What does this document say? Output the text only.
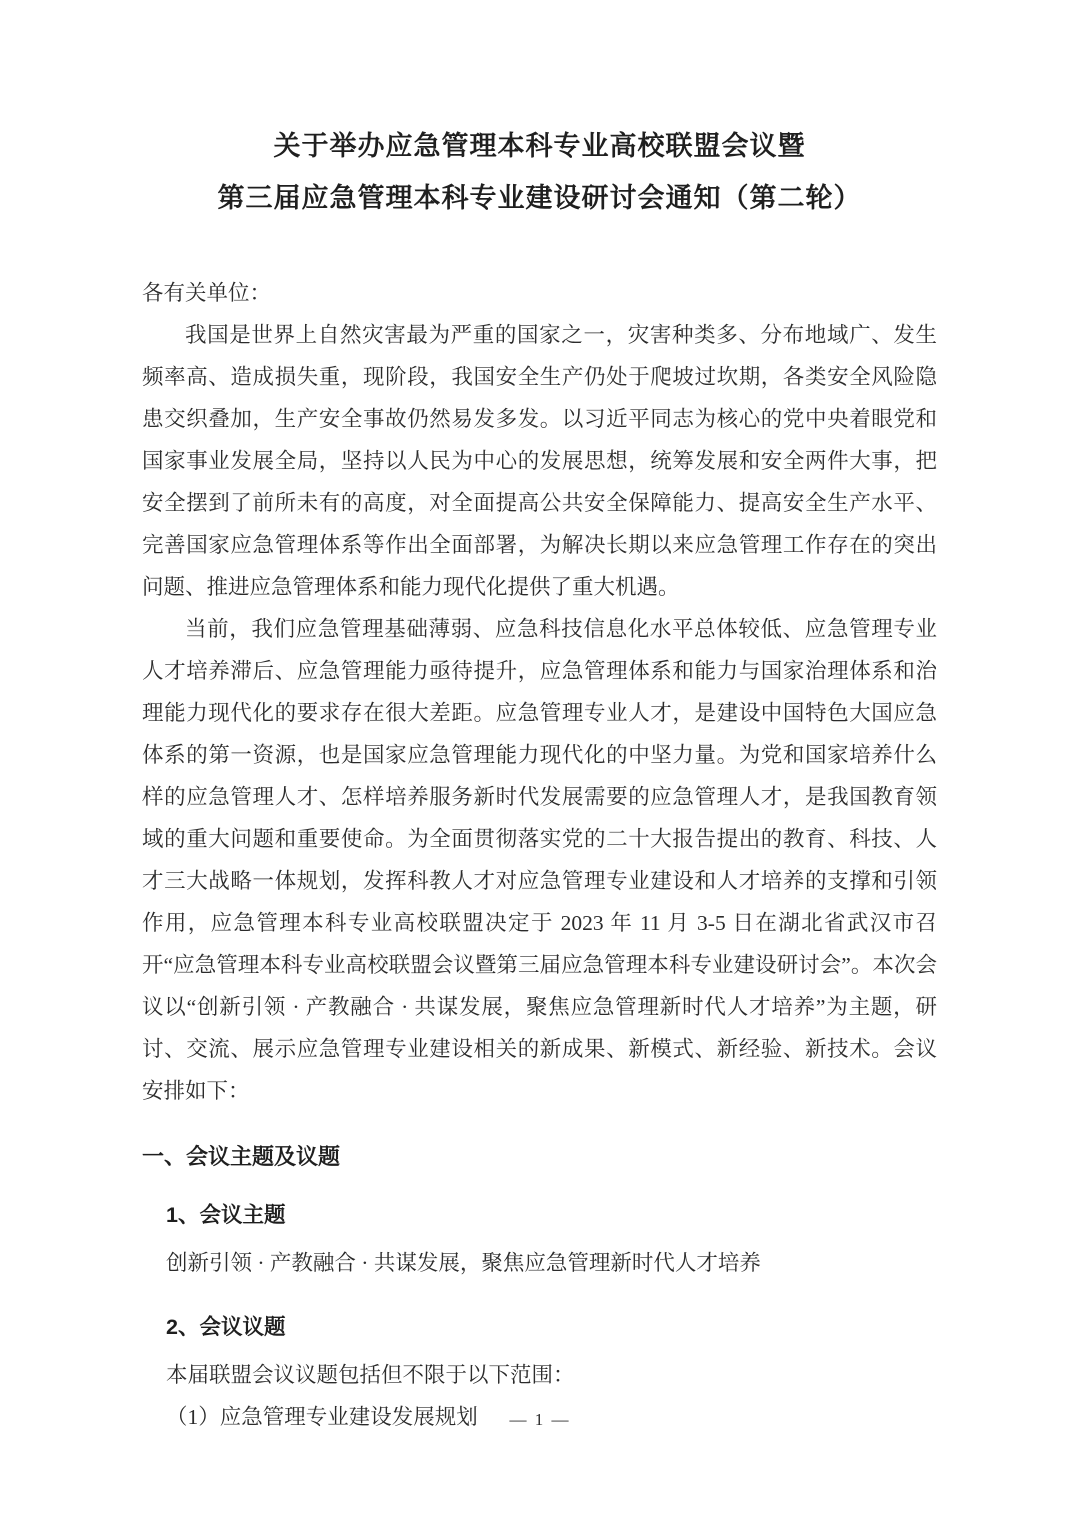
关于举办应急管理本科专业高校联盟会议暨
第三届应急管理本科专业建设研讨会通知（第二轮）
各有关单位：

我国是世界上自然灾害最为严重的国家之一，灾害种类多、分布地域广、发生频率高、造成损失重，现阶段，我国安全生产仍处于爬坡过坎期，各类安全风险隐患交织叠加，生产安全事故仍然易发多发。以习近平同志为核心的党中央着眼党和国家事业发展全局，坚持以人民为中心的发展思想，统筹发展和安全两件大事，把安全摆到了前所未有的高度，对全面提高公共安全保障能力、提高安全生产水平、完善国家应急管理体系等作出全面部署，为解决长期以来应急管理工作存在的突出问题、推进应急管理体系和能力现代化提供了重大机遇。

当前，我们应急管理基础薄弱、应急科技信息化水平总体较低、应急管理专业人才培养滞后、应急管理能力亟待提升，应急管理体系和能力与国家治理体系和治理能力现代化的要求存在很大差距。应急管理专业人才，是建设中国特色大国应急体系的第一资源，也是国家应急管理能力现代化的中坚力量。为党和国家培养什么样的应急管理人才、怎样培养服务新时代发展需要的应急管理人才，是我国教育领域的重大问题和重要使命。为全面贯彻落实党的二十大报告提出的教育、科技、人才三大战略一体规划，发挥科教人才对应急管理专业建设和人才培养的支撑和引领作用，应急管理本科专业高校联盟决定于 2023 年 11 月 3-5 日在湖北省武汉市召开“应急管理本科专业高校联盟会议暨第三届应急管理本科专业建设研讨会”。本次会议以“创新引领 · 产教融合 · 共谋发展，聚焦应急管理新时代人才培养”为主题，研讨、交流、展示应急管理专业建设相关的新成果、新模式、新经验、新技术。会议安排如下：

一、会议主题及议题
1、会议主题
创新引领 · 产教融合 · 共谋发展，聚焦应急管理新时代人才培养
2、会议议题
本届联盟会议议题包括但不限于以下范围：
（1）应急管理专业建设发展规划	— 1 —
